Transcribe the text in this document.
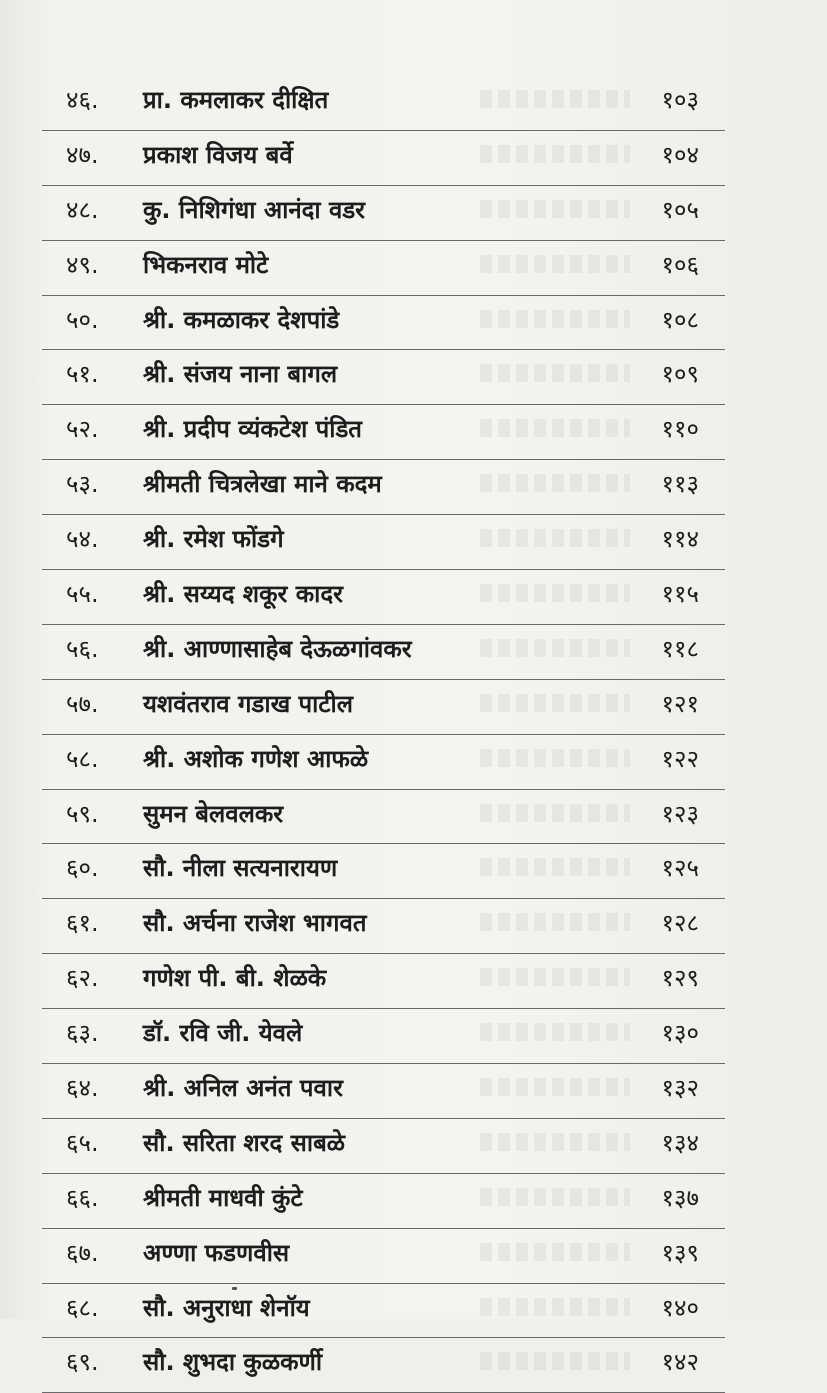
४६.	प्रा. कमलाकर दीक्षित	१०३
४७.	प्रकाश विजय बर्वे	१०४
४८.	कु. निशिगंधा आनंदा वडर	१०५
४९.	भिकनराव मोटे	१०६
५०.	श्री. कमळाकर देशपांडे	१०८
५१.	श्री. संजय नाना बागल	१०९
५२.	श्री. प्रदीप व्यंकटेश पंडित	११०
५३.	श्रीमती चित्रलेखा माने कदम	११३
५४.	श्री. रमेश फोंडगे	११४
५५.	श्री. सय्यद शकूर कादर	११५
५६.	श्री. आण्णासाहेब देऊळगांवकर	११८
५७.	यशवंतराव गडाख पाटील	१२१
५८.	श्री. अशोक गणेश आफळे	१२२
५९.	सुमन बेलवलकर	१२३
६०.	सौ. नीला सत्यनारायण	१२५
६१.	सौ. अर्चना राजेश भागवत	१२८
६२.	गणेश पी. बी. शेळके	१२९
६३.	डॉ. रवि जी. येवले	१३०
६४.	श्री. अनिल अनंत पवार	१३२
६५.	सौ. सरिता शरद साबळे	१३४
६६.	श्रीमती माधवी कुंटे	१३७
६७.	अण्णा फडणवीस	१३९
६८.	सौ. अनुराधा शेनॉय	१४०
६९.	सौ. शुभदा कुळकर्णी	१४२
